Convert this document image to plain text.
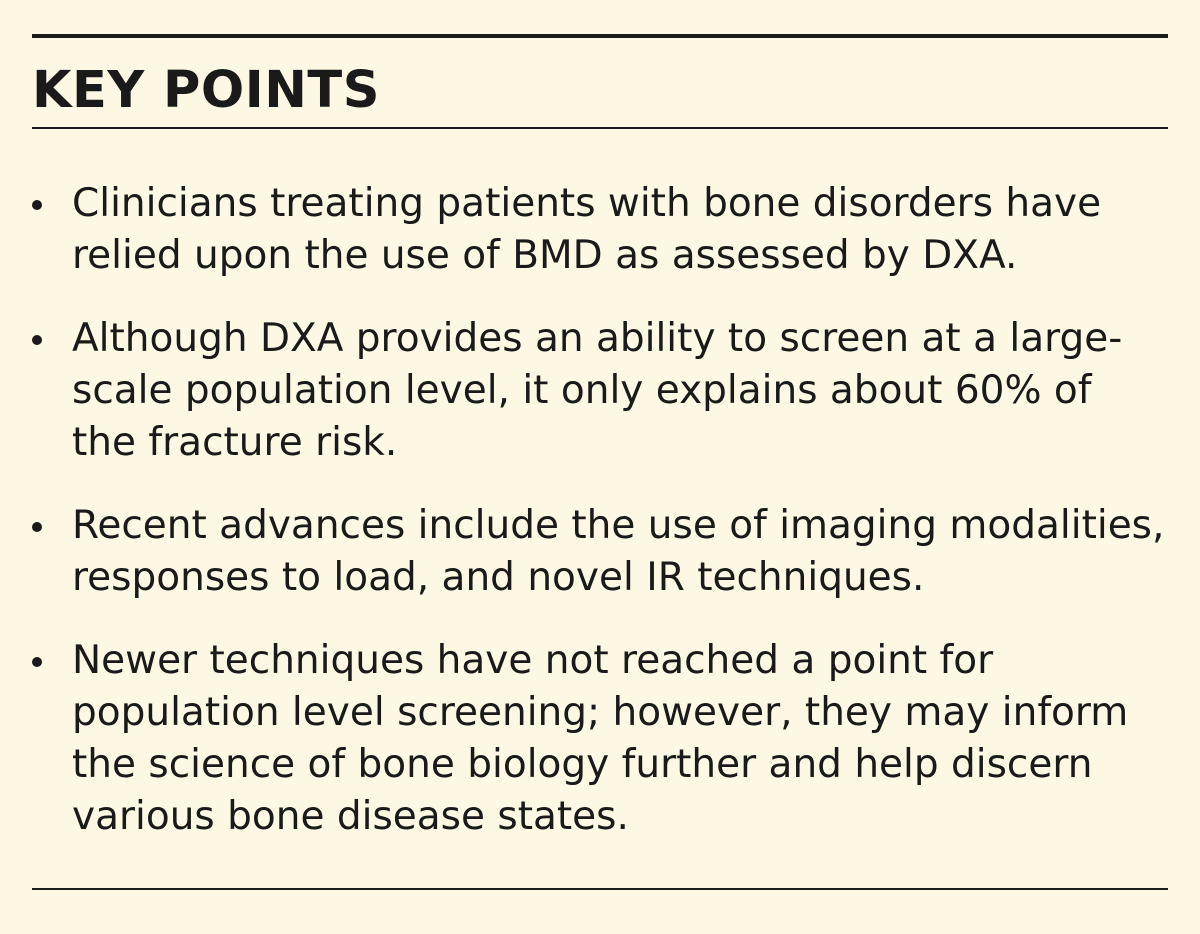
KEY POINTS
Clinicians treating patients with bone disorders have
relied upon the use of BMD as assessed by DXA.
Although DXA provides an ability to screen at a large-
scale population level, it only explains about 60% of
the fracture risk.
Recent advances include the use of imaging modalities,
responses to load, and novel IR techniques.
Newer techniques have not reached a point for
population level screening; however, they may inform
the science of bone biology further and help discern
various bone disease states.
